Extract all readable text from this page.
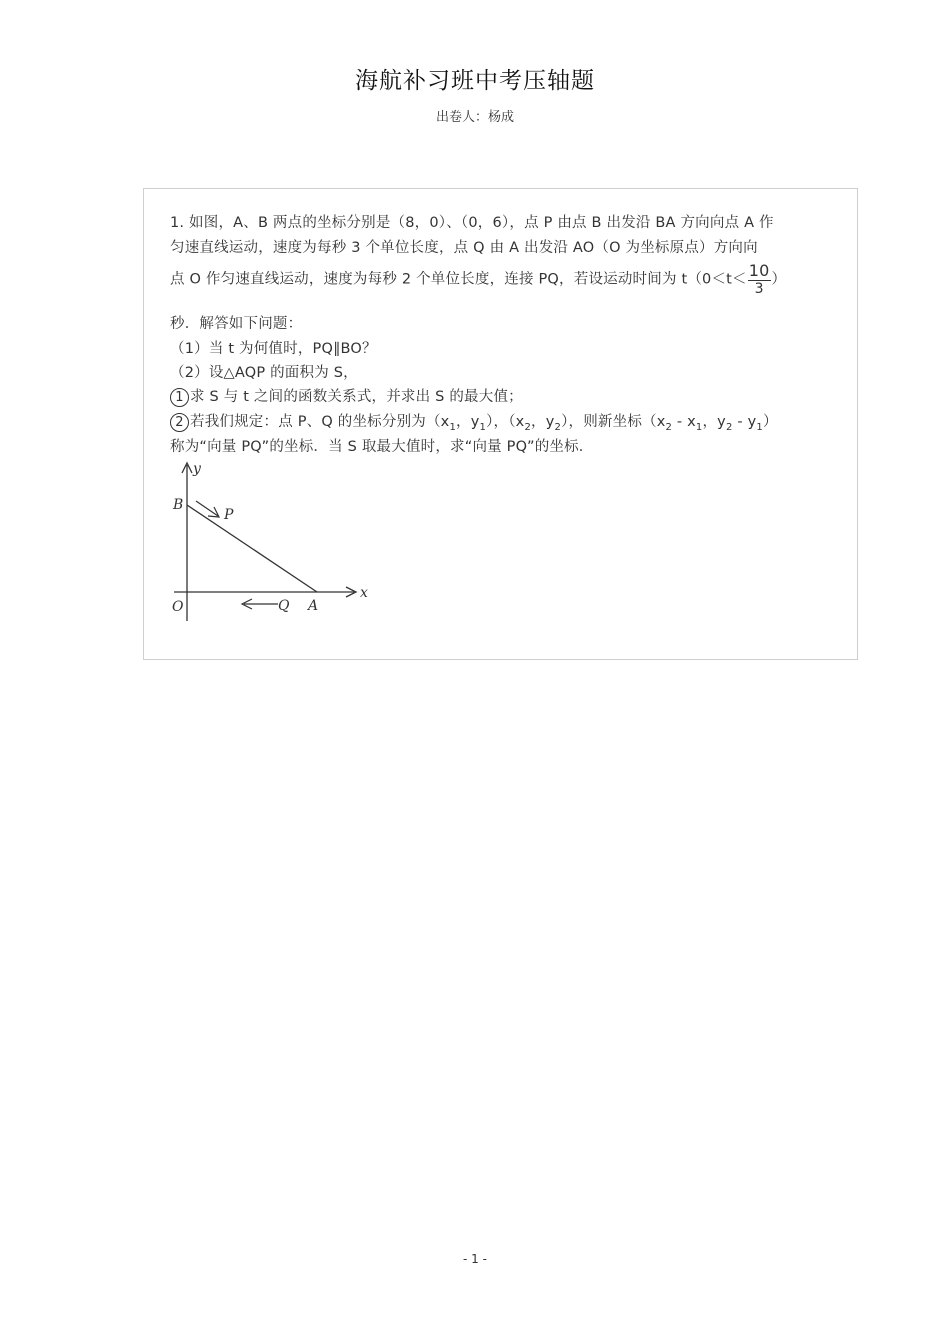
海航补习班中考压轴题
出卷人：杨成
1. 如图，A、B 两点的坐标分别是（8，0）、（0，6），点 P 由点 B 出发沿 BA 方向向点 A 作
匀速直线运动，速度为每秒 3 个单位长度，点 Q 由 A 出发沿 AO（O 为坐标原点）方向向
点 O 作匀速直线运动，速度为每秒 2 个单位长度，连接 PQ，若设运动时间为 $t(0<t< \frac{10}{3}$ ）
秒．解答如下问题：
（1）当 t 为何值时，PQ∥BO？
（2）设△AQP 的面积为 S，
1 求 S 与 t 之间的函数关系式，并求出 S 的最大值；
2 若我们规定：点 P、Q 的坐标分别为（$x_1$，$y_1$），（$x_2$，$y_2$），则新坐标（$x_2 - x_1$，$y_2 - y_1$）
称为“向量 PQ”的坐标．当 S 取最大值时，求“向量 PQ”的坐标．
y
x
B
P
O	Q A
- 1 -
